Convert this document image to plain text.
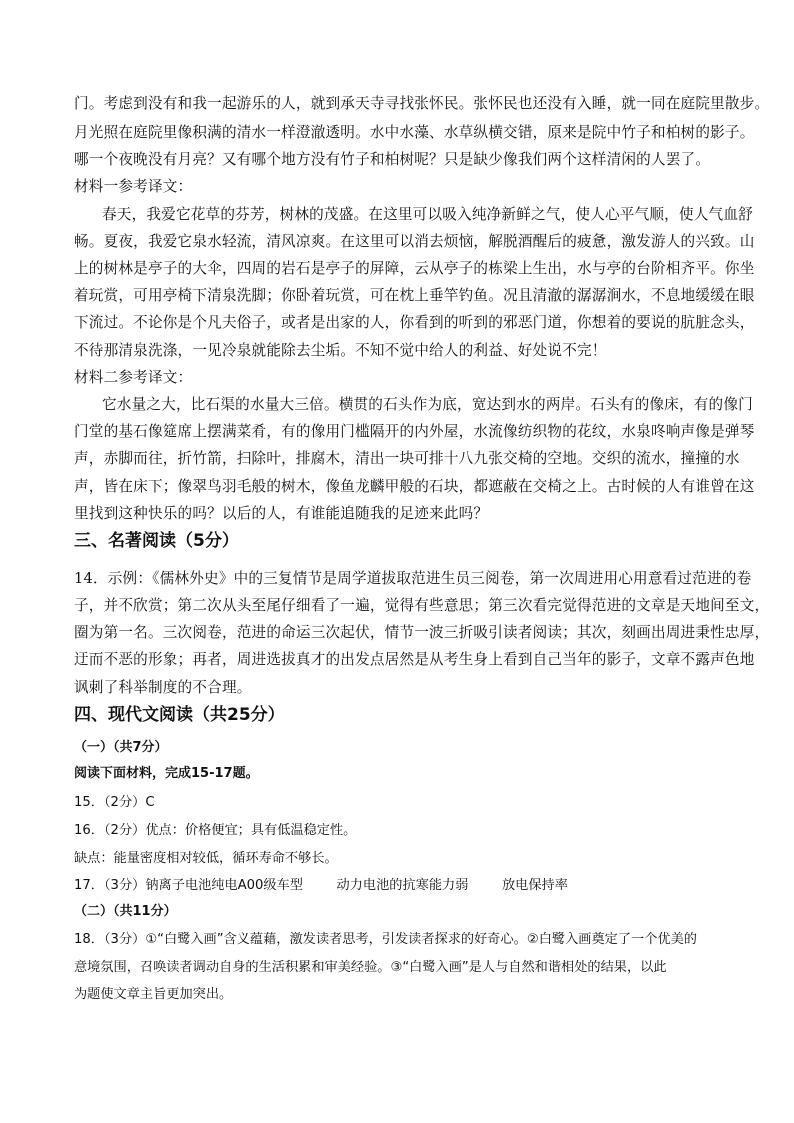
门。考虑到没有和我一起游乐的人，就到承天寺寻找张怀民。张怀民也还没有入睡，就一同在庭院里散步。
月光照在庭院里像积满的清水一样澄澈透明。水中水藻、水草纵横交错，原来是院中竹子和柏树的影子。
哪一个夜晚没有月亮？又有哪个地方没有竹子和柏树呢？只是缺少像我们两个这样清闲的人罢了。
材料一参考译文：
春天，我爱它花草的芬芳，树林的茂盛。在这里可以吸入纯净新鲜之气，使人心平气顺，使人气血舒
畅。夏夜，我爱它泉水轻流，清风凉爽。在这里可以消去烦恼，解脱酒醒后的疲惫，激发游人的兴致。山
上的树林是亭子的大伞，四周的岩石是亭子的屏障，云从亭子的栋梁上生出，水与亭的台阶相齐平。你坐
着玩赏，可用亭椅下清泉洗脚；你卧着玩赏，可在枕上垂竿钓鱼。况且清澈的潺潺涧水，不息地缓缓在眼
下流过。不论你是个凡夫俗子，或者是出家的人，你看到的听到的邪恶门道，你想着的要说的肮脏念头，
不待那清泉洗涤，一见冷泉就能除去尘垢。不知不觉中给人的利益、好处说不完！
材料二参考译文：
它水量之大，比石渠的水量大三倍。横贯的石头作为底，宽达到水的两岸。石头有的像床，有的像门
门堂的基石像筵席上摆满菜肴，有的像用门槛隔开的内外屋，水流像纺织物的花纹，水泉咚响声像是弹琴
声，赤脚而往，折竹箭，扫除叶，排腐木，清出一块可排十八九张交椅的空地。交织的流水，撞撞的水
声，皆在床下；像翠鸟羽毛般的树木，像鱼龙麟甲般的石块，都遮蔽在交椅之上。古时候的人有谁曾在这
里找到这种快乐的吗？以后的人，有谁能追随我的足迹来此吗？
三、名著阅读（5分）
14．示例：《儒林外史》中的三复情节是周学道拔取范进生员三阅卷，第一次周进用心用意看过范进的卷
子，并不欣赏；第二次从头至尾仔细看了一遍，觉得有些意思；第三次看完觉得范进的文章是天地间至文，
圈为第一名。三次阅卷，范进的命运三次起伏，情节一波三折吸引读者阅读；其次，刻画出周进秉性忠厚，
迂而不恶的形象；再者，周进选拔真才的出发点居然是从考生身上看到自己当年的影子，文章不露声色地
讽刺了科举制度的不合理。
四、现代文阅读（共25分）
（一）（共7分）
阅读下面材料，完成15-17题。
15．（2分）C
16．（2分）优点：价格便宜；具有低温稳定性。
缺点：能量密度相对较低，循环寿命不够长。
17．（3分）钠离子电池纯电A00级车型        动力电池的抗寒能力弱        放电保持率
（二）（共11分）
18．（3分）①“白鹭入画”含义蕴藉，激发读者思考，引发读者探求的好奇心。②白鹭入画奠定了一个优美的
意境氛围，召唤读者调动自身的生活积累和审美经验。③“白鹭入画”是人与自然和谐相处的结果，以此
为题使文章主旨更加突出。
